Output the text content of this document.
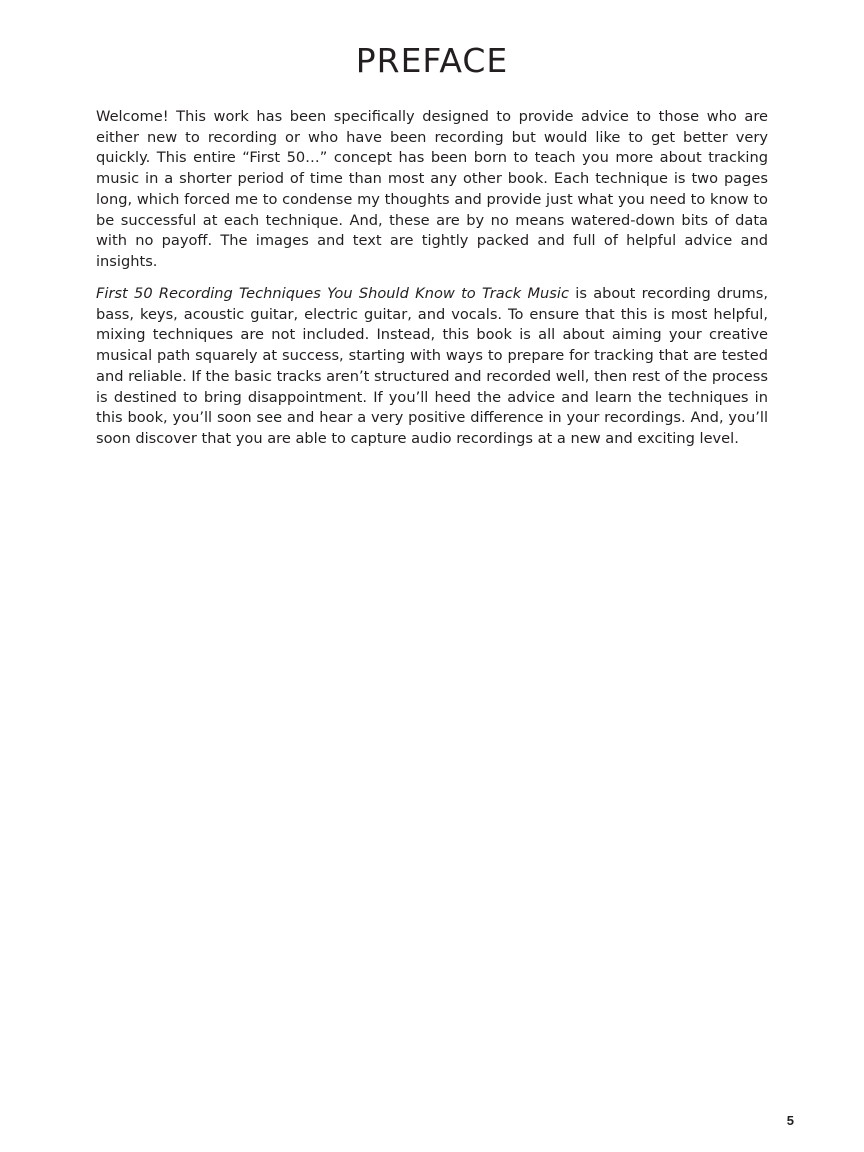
PREFACE

Welcome! This work has been specifically designed to provide advice to those who are either new to recording or who have been recording but would like to get better very quickly. This entire “First 50…” concept has been born to teach you more about tracking music in a shorter period of time than most any other book. Each technique is two pages long, which forced me to condense my thoughts and provide just what you need to know to be successful at each technique. And, these are by no means watered-down bits of data with no payoff. The images and text are tightly packed and full of helpful advice and insights.

First 50 Recording Techniques You Should Know to Track Music is about recording drums, bass, keys, acoustic guitar, electric guitar, and vocals. To ensure that this is most helpful, mixing techniques are not included. Instead, this book is all about aiming your creative musical path squarely at success, starting with ways to prepare for tracking that are tested and reliable. If the basic tracks aren’t structured and recorded well, then rest of the process is destined to bring disappointment. If you’ll heed the advice and learn the techniques in this book, you’ll soon see and hear a very positive difference in your recordings. And, you’ll soon discover that you are able to capture audio recordings at a new and exciting level.

5
